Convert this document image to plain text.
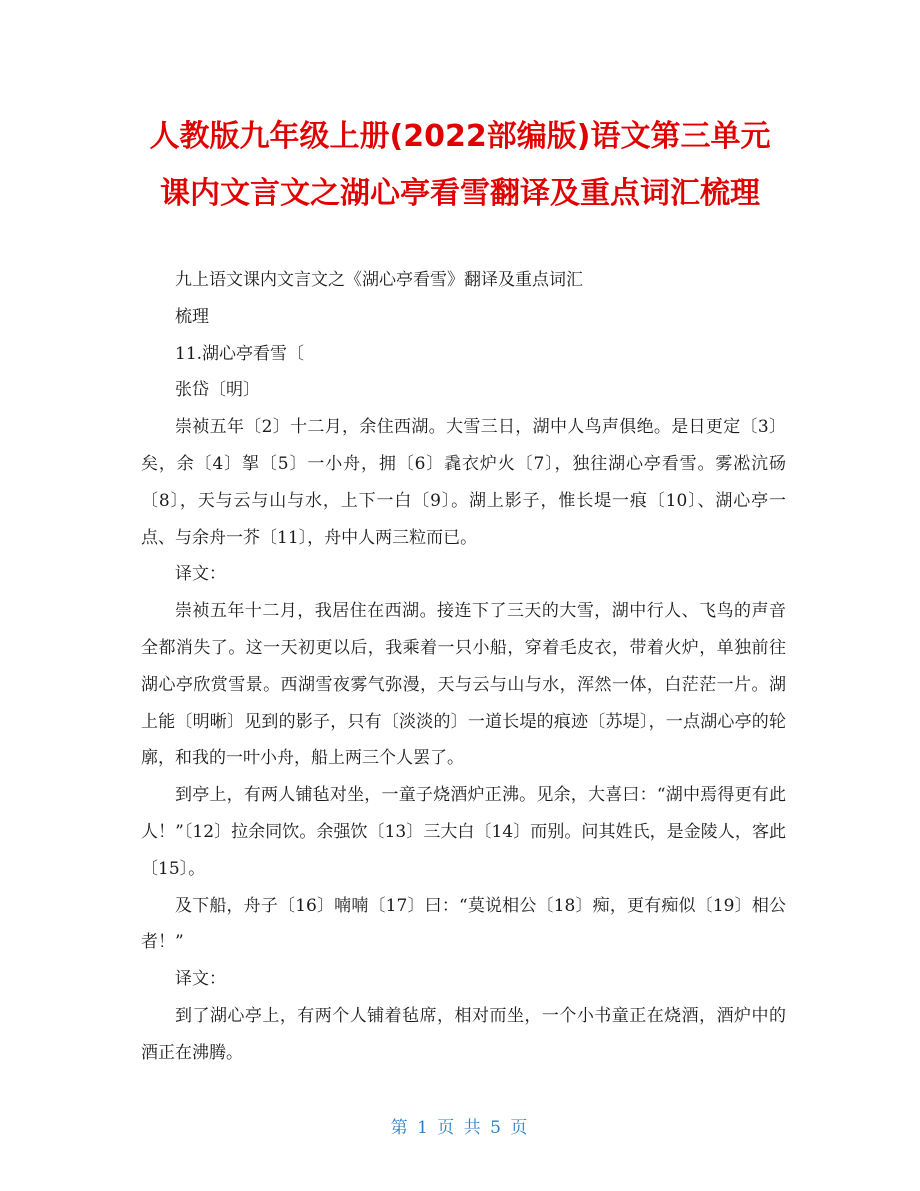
人教版九年级上册(2022部编版)语文第三单元
课内文言文之湖心亭看雪翻译及重点词汇梳理

九上语文课内文言文之《湖心亭看雪》翻译及重点词汇

梳理

11.湖心亭看雪〔

张岱〔明〕

崇祯五年〔2〕十二月，余住西湖。大雪三日，湖中人鸟声俱绝。是日更定〔3〕矣，余〔4〕挐〔5〕一小舟，拥〔6〕毳衣炉火〔7〕，独往湖心亭看雪。雾凇沆砀〔8〕，天与云与山与水，上下一白〔9〕。湖上影子，惟长堤一痕〔10〕、湖心亭一点、与余舟一芥〔11〕，舟中人两三粒而已。

译文：

崇祯五年十二月，我居住在西湖。接连下了三天的大雪，湖中行人、飞鸟的声音全都消失了。这一天初更以后，我乘着一只小船，穿着毛皮衣，带着火炉，单独前往湖心亭欣赏雪景。西湖雪夜雾气弥漫，天与云与山与水，浑然一体，白茫茫一片。湖上能〔明晰〕见到的影子，只有〔淡淡的〕一道长堤的痕迹〔苏堤〕，一点湖心亭的轮廓，和我的一叶小舟，船上两三个人罢了。

到亭上，有两人铺毡对坐，一童子烧酒炉正沸。见余，大喜曰：“湖中焉得更有此人！”〔12〕拉余同饮。余强饮〔13〕三大白〔14〕而别。问其姓氏，是金陵人，客此〔15〕。

及下船，舟子〔16〕喃喃〔17〕曰：“莫说相公〔18〕痴，更有痴似〔19〕相公者！”

译文：

到了湖心亭上，有两个人铺着毡席，相对而坐，一个小书童正在烧酒，酒炉中的酒正在沸腾。

第 1 页 共 5 页
